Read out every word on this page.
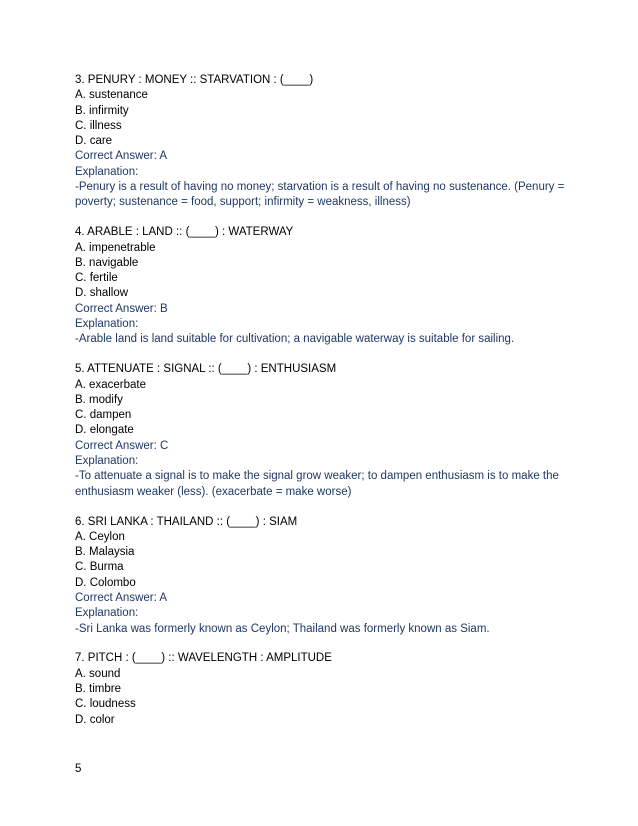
3. PENURY : MONEY :: STARVATION : (____)
A. sustenance
B. infirmity
C. illness
D. care
Correct Answer: A
Explanation:
-Penury is a result of having no money; starvation is a result of having no sustenance. (Penury = poverty; sustenance = food, support; infirmity = weakness, illness)
4. ARABLE : LAND :: (____) : WATERWAY
A. impenetrable
B. navigable
C. fertile
D. shallow
Correct Answer: B
Explanation:
-Arable land is land suitable for cultivation; a navigable waterway is suitable for sailing.
5. ATTENUATE : SIGNAL :: (____) : ENTHUSIASM
A. exacerbate
B. modify
C. dampen
D. elongate
Correct Answer: C
Explanation:
-To attenuate a signal is to make the signal grow weaker; to dampen enthusiasm is to make the enthusiasm weaker (less). (exacerbate = make worse)
6. SRI LANKA : THAILAND :: (____) : SIAM
A. Ceylon
B. Malaysia
C. Burma
D. Colombo
Correct Answer: A
Explanation:
-Sri Lanka was formerly known as Ceylon; Thailand was formerly known as Siam.
7. PITCH : (____) :: WAVELENGTH : AMPLITUDE
A. sound
B. timbre
C. loudness
D. color
5
